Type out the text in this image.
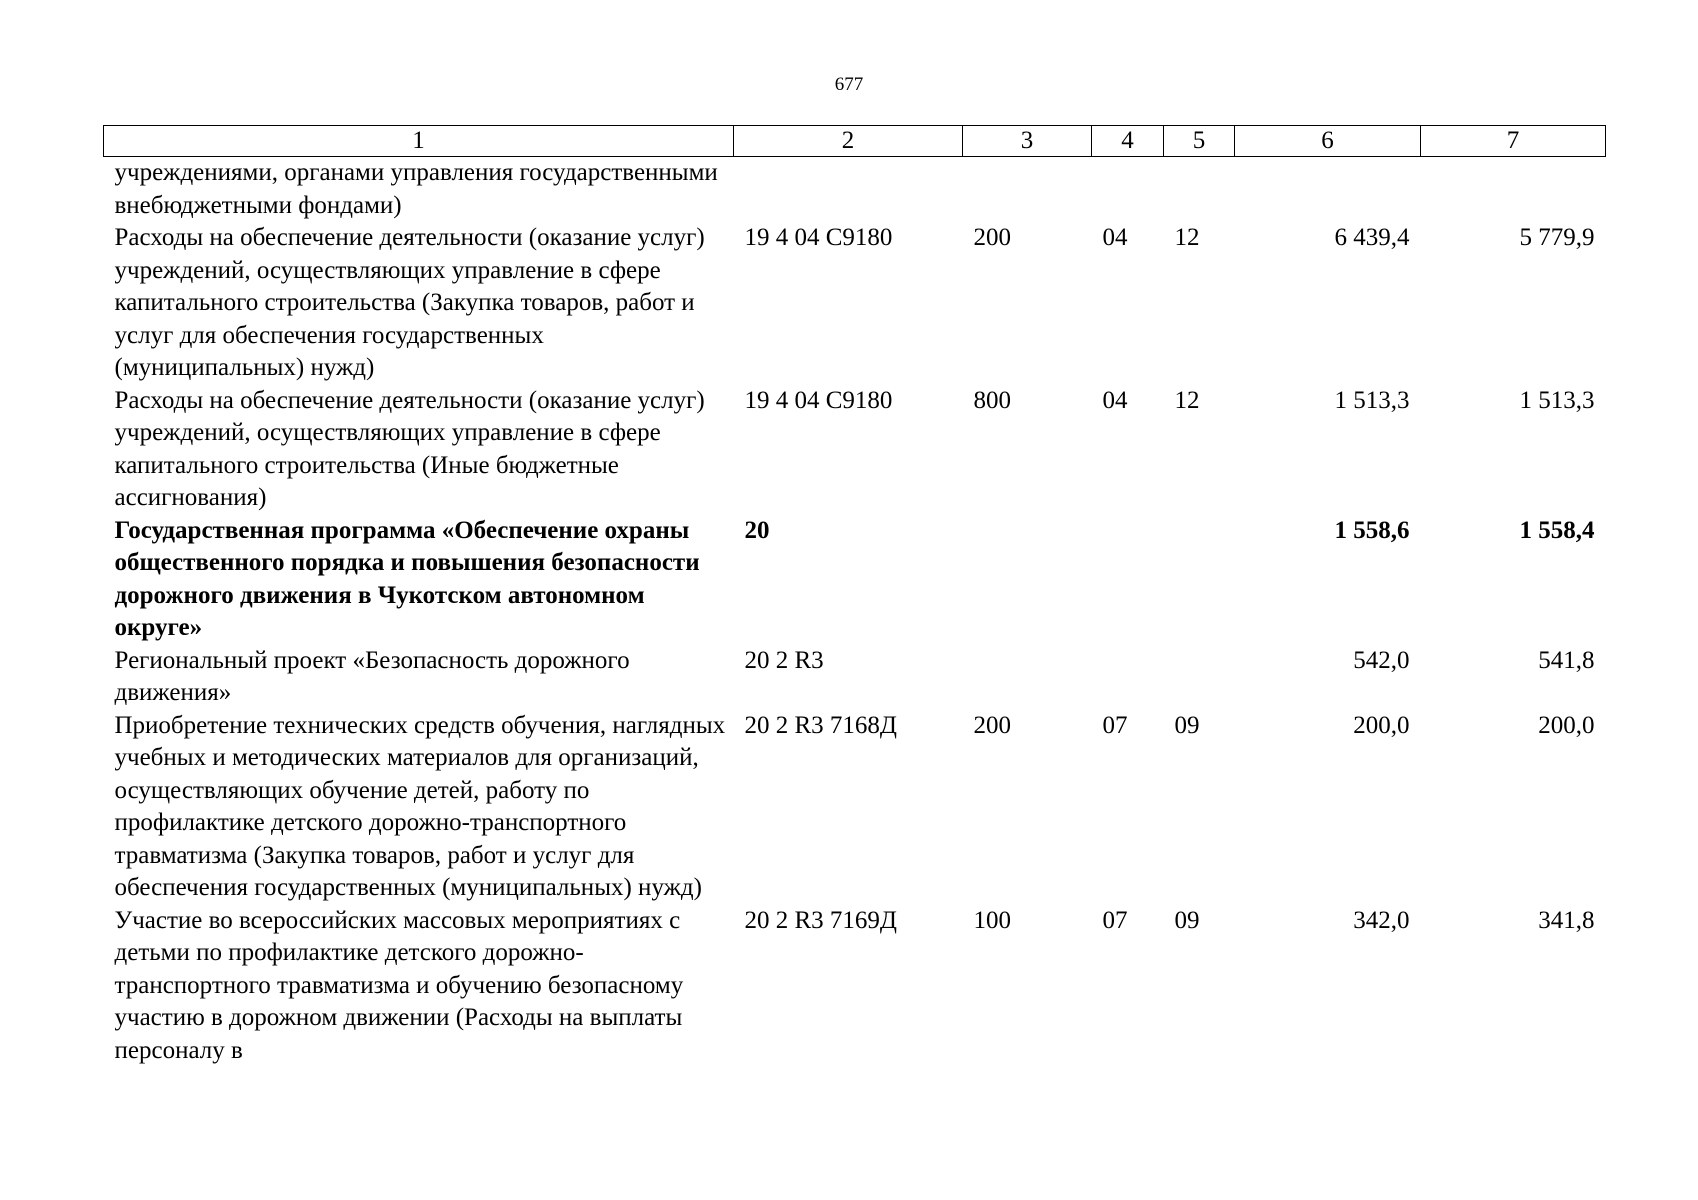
677
1	2	3	4	5	6	7
учреждениями, органами управления государственными внебюджетными фондами)						
Расходы на обеспечение деятельности (оказание услуг) учреждений, осуществляющих управление в сфере капитального строительства (Закупка товаров, работ и услуг для обеспечения государственных (муниципальных) нужд)	19 4 04 С9180	200	04	12	6 439,4	5 779,9
Расходы на обеспечение деятельности (оказание услуг) учреждений, осуществляющих управление в сфере капитального строительства (Иные бюджетные ассигнования)	19 4 04 С9180	800	04	12	1 513,3	1 513,3
Государственная программа «Обеспечение охраны общественного порядка и повышения безопасности дорожного движения в Чукотском автономном округе»	20				1 558,6	1 558,4
Региональный проект «Безопасность дорожного движения»	20 2 R3				542,0	541,8
Приобретение технических средств обучения, наглядных учебных и методических материалов для организаций, осуществляющих обучение детей, работу по профилактике детского дорожно-транспортного травматизма (Закупка товаров, работ и услуг для обеспечения государственных (муниципальных) нужд)	20 2 R3 7168Д	200	07	09	200,0	200,0
Участие во всероссийских массовых мероприятиях с детьми по профилактике детского дорожно-транспортного травматизма и обучению безопасному участию в дорожном движении (Расходы на выплаты персоналу в	20 2 R3 7169Д	100	07	09	342,0	341,8
